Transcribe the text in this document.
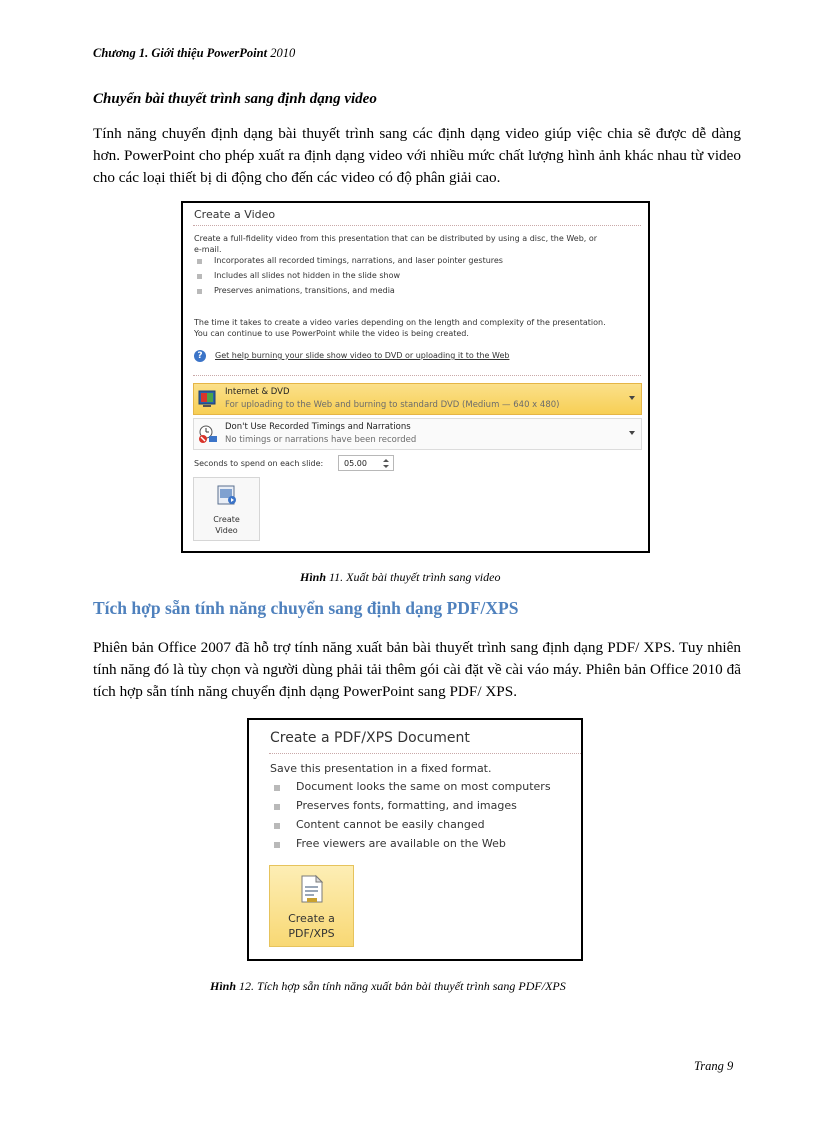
Chương 1. Giới thiệu PowerPoint 2010
Chuyển bài thuyết trình sang định dạng video

Tính năng chuyển định dạng bài thuyết trình sang các định dạng video giúp việc chia sẽ được dễ dàng hơn. PowerPoint cho phép xuất ra định dạng video với nhiều mức chất lượng hình ảnh khác nhau từ video cho các loại thiết bị di động cho đến các video có độ phân giải cao.

Create a Video
Create a full-fidelity video from this presentation that can be distributed by using a disc, the Web, or
e-mail.
Incorporates all recorded timings, narrations, and laser pointer gestures
Includes all slides not hidden in the slide show
Preserves animations, transitions, and media
The time it takes to create a video varies depending on the length and complexity of the presentation.
You can continue to use PowerPoint while the video is being created.
?	Get help burning your slide show video to DVD or uploading it to the Web
Internet & DVD
For uploading to the Web and burning to standard DVD (Medium — 640 x 480)
Don't Use Recorded Timings and Narrations
No timings or narrations have been recorded
Seconds to spend on each slide:	05.00
Create
Video
Hình 11. Xuất bài thuyết trình sang video
Tích hợp sẵn tính năng chuyển sang định dạng PDF/XPS

Phiên bản Office 2007 đã hỗ trợ tính năng xuất bản bài thuyết trình sang định dạng PDF/ XPS. Tuy nhiên tính năng đó là tùy chọn và người dùng phải tải thêm gói cài đặt về cài váo máy. Phiên bản Office 2010 đã tích hợp sẵn tính năng chuyển định dạng PowerPoint sang PDF/ XPS.

Create a PDF/XPS Document
Save this presentation in a fixed format.
Document looks the same on most computers
Preserves fonts, formatting, and images
Content cannot be easily changed
Free viewers are available on the Web
Create a
PDF/XPS
Hình 12. Tích hợp sẵn tính năng xuất bản bài thuyết trình sang PDF/XPS
Trang 9
